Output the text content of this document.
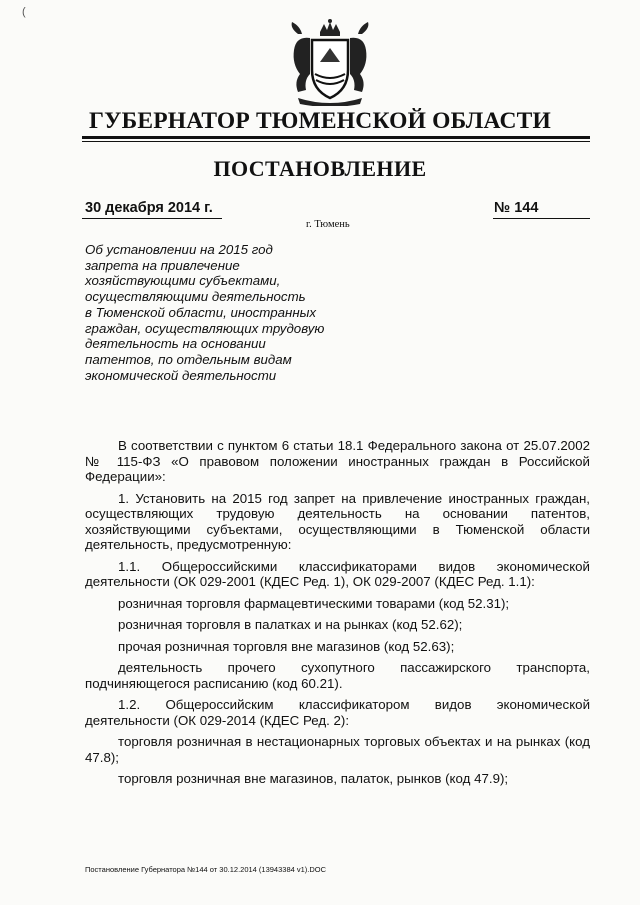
(
ГУБЕРНАТОР ТЮМЕНСКОЙ ОБЛАСТИ
ПОСТАНОВЛЕНИЕ
30 декабря 2014 г.	№ 144
г. Тюмень
Об установлении на 2015 год
запрета на привлечение
хозяйствующими субъектами,
осуществляющими деятельность
в Тюменской области, иностранных
граждан, осуществляющих трудовую
деятельность на основании
патентов, по отдельным видам
экономической деятельности

В соответствии с пунктом 6 статьи 18.1 Федерального закона от 25.07.2002 № 115-ФЗ «О правовом положении иностранных граждан в Российской Федерации»:

1. Установить на 2015 год запрет на привлечение иностранных граждан, осуществляющих трудовую деятельность на основании патентов, хозяйствующими субъектами, осуществляющими в Тюменской области деятельность, предусмотренную:

1.1. Общероссийскими классификаторами видов экономической деятельности (ОК 029-2001 (КДЕС Ред. 1), ОК 029-2007 (КДЕС Ред. 1.1):

розничная торговля фармацевтическими товарами (код 52.31);

розничная торговля в палатках и на рынках (код 52.62);

прочая розничная торговля вне магазинов (код 52.63);

деятельность прочего сухопутного пассажирского транспорта, подчиняющегося расписанию (код 60.21).

1.2. Общероссийским классификатором видов экономической деятельности (ОК 029-2014 (КДЕС Ред. 2):

торговля розничная в нестационарных торговых объектах и на рынках (код 47.8);

торговля розничная вне магазинов, палаток, рынков (код 47.9);

Постановление Губернатора №144 от 30.12.2014 (13943384 v1).DOC
